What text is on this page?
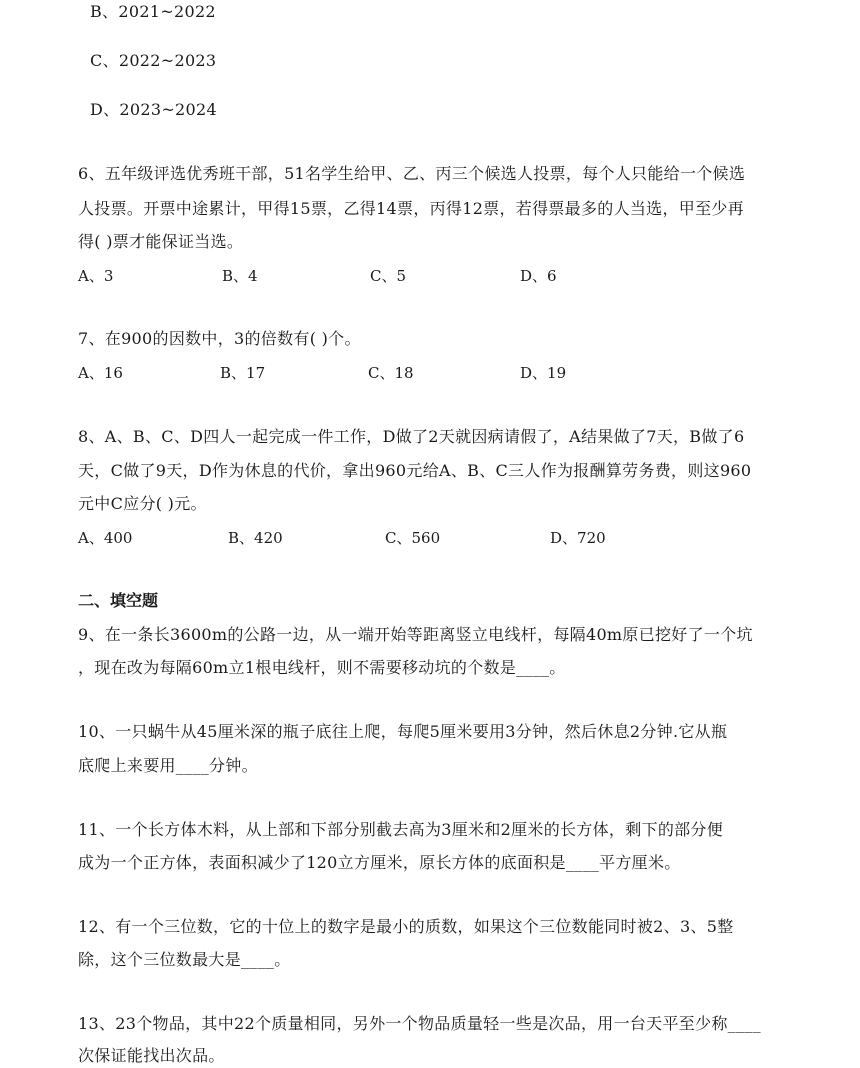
B、2021~2022
C、2022~2023
D、2023~2024
6、五年级评选优秀班干部，51名学生给甲、乙、丙三个候选人投票，每个人只能给一个候选
人投票。开票中途累计，甲得15票，乙得14票，丙得12票，若得票最多的人当选，甲至少再
得( )票才能保证当选。
A、3	B、4	C、5	D、6
7、在900的因数中，3的倍数有( )个。
A、16	B、17	C、18	D、19
8、A、B、C、D四人一起完成一件工作，D做了2天就因病请假了，A结果做了7天，B做了6
天，C做了9天，D作为休息的代价，拿出960元给A、B、C三人作为报酬算劳务费，则这960
元中C应分( )元。
A、400	B、420	C、560	D、720
二、填空题
9、在一条长3600m的公路一边，从一端开始等距离竖立电线杆，每隔40m原已挖好了一个坑
，现在改为每隔60m立1根电线杆，则不需要移动坑的个数是____。
10、一只蜗牛从45厘米深的瓶子底往上爬，每爬5厘米要用3分钟，然后休息2分钟.它从瓶
底爬上来要用____分钟。
11、一个长方体木料，从上部和下部分别截去高为3厘米和2厘米的长方体，剩下的部分便
成为一个正方体，表面积减少了120立方厘米，原长方体的底面积是____平方厘米。
12、有一个三位数，它的十位上的数字是最小的质数，如果这个三位数能同时被2、3、5整
除，这个三位数最大是____。
13、23个物品，其中22个质量相同，另外一个物品质量轻一些是次品，用一台天平至少称____
次保证能找出次品。
